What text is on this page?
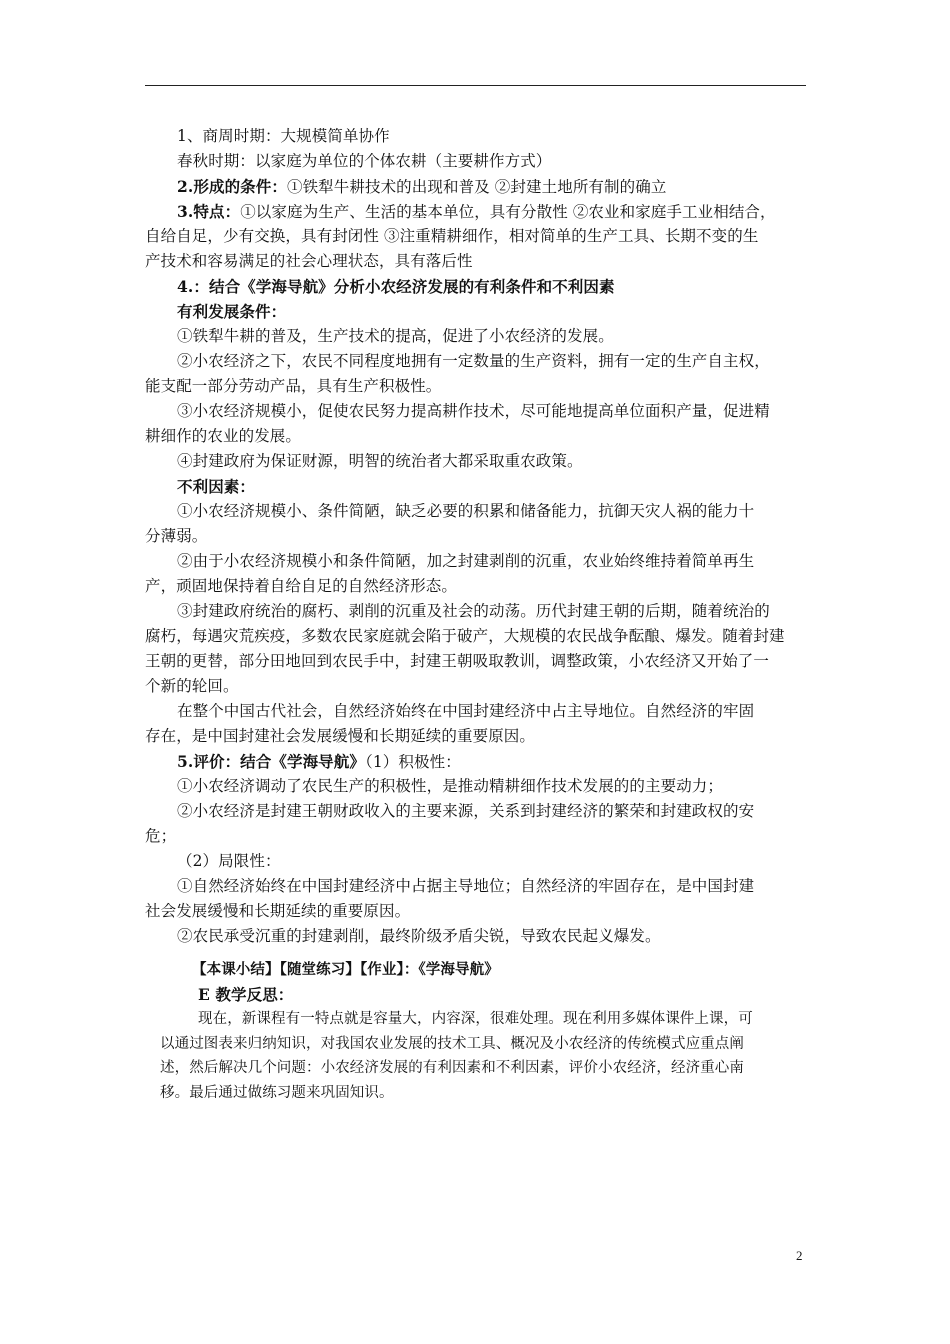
1、商周时期：大规模简单协作
春秋时期：以家庭为单位的个体农耕（主要耕作方式）
2.形成的条件：①铁犁牛耕技术的出现和普及 ②封建土地所有制的确立
3.特点：①以家庭为生产、生活的基本单位，具有分散性 ②农业和家庭手工业相结合，
自给自足，少有交换，具有封闭性 ③注重精耕细作，相对简单的生产工具、长期不变的生
产技术和容易满足的社会心理状态，具有落后性
4.：结合《学海导航》分析小农经济发展的有利条件和不利因素
有利发展条件：
①铁犁牛耕的普及，生产技术的提高，促进了小农经济的发展。
②小农经济之下，农民不同程度地拥有一定数量的生产资料，拥有一定的生产自主权，
能支配一部分劳动产品，具有生产积极性。
③小农经济规模小，促使农民努力提高耕作技术，尽可能地提高单位面积产量，促进精
耕细作的农业的发展。
④封建政府为保证财源，明智的统治者大都采取重农政策。
不利因素：
①小农经济规模小、条件简陋，缺乏必要的积累和储备能力，抗御天灾人祸的能力十
分薄弱。
②由于小农经济规模小和条件简陋，加之封建剥削的沉重，农业始终维持着简单再生
产，顽固地保持着自给自足的自然经济形态。
③封建政府统治的腐朽、剥削的沉重及社会的动荡。历代封建王朝的后期，随着统治的
腐朽，每遇灾荒疾疫，多数农民家庭就会陷于破产，大规模的农民战争酝酿、爆发。随着封建
王朝的更替，部分田地回到农民手中，封建王朝吸取教训，调整政策，小农经济又开始了一
个新的轮回。
在整个中国古代社会，自然经济始终在中国封建经济中占主导地位。自然经济的牢固
存在，是中国封建社会发展缓慢和长期延续的重要原因。
5.评价：结合《学海导航》（1）积极性：
①小农经济调动了农民生产的积极性，是推动精耕细作技术发展的的主要动力；
②小农经济是封建王朝财政收入的主要来源，关系到封建经济的繁荣和封建政权的安
危；
（2）局限性：
①自然经济始终在中国封建经济中占据主导地位；自然经济的牢固存在，是中国封建
社会发展缓慢和长期延续的重要原因。
②农民承受沉重的封建剥削，最终阶级矛盾尖锐，导致农民起义爆发。
【本课小结】【随堂练习】【作业】：《学海导航》
E 教学反思：
现在，新课程有一特点就是容量大，内容深，很难处理。现在利用多媒体课件上课，可
以通过图表来归纳知识，对我国农业发展的技术工具、概况及小农经济的传统模式应重点阐
述，然后解决几个问题：小农经济发展的有利因素和不利因素，评价小农经济，经济重心南
移。最后通过做练习题来巩固知识。
2
